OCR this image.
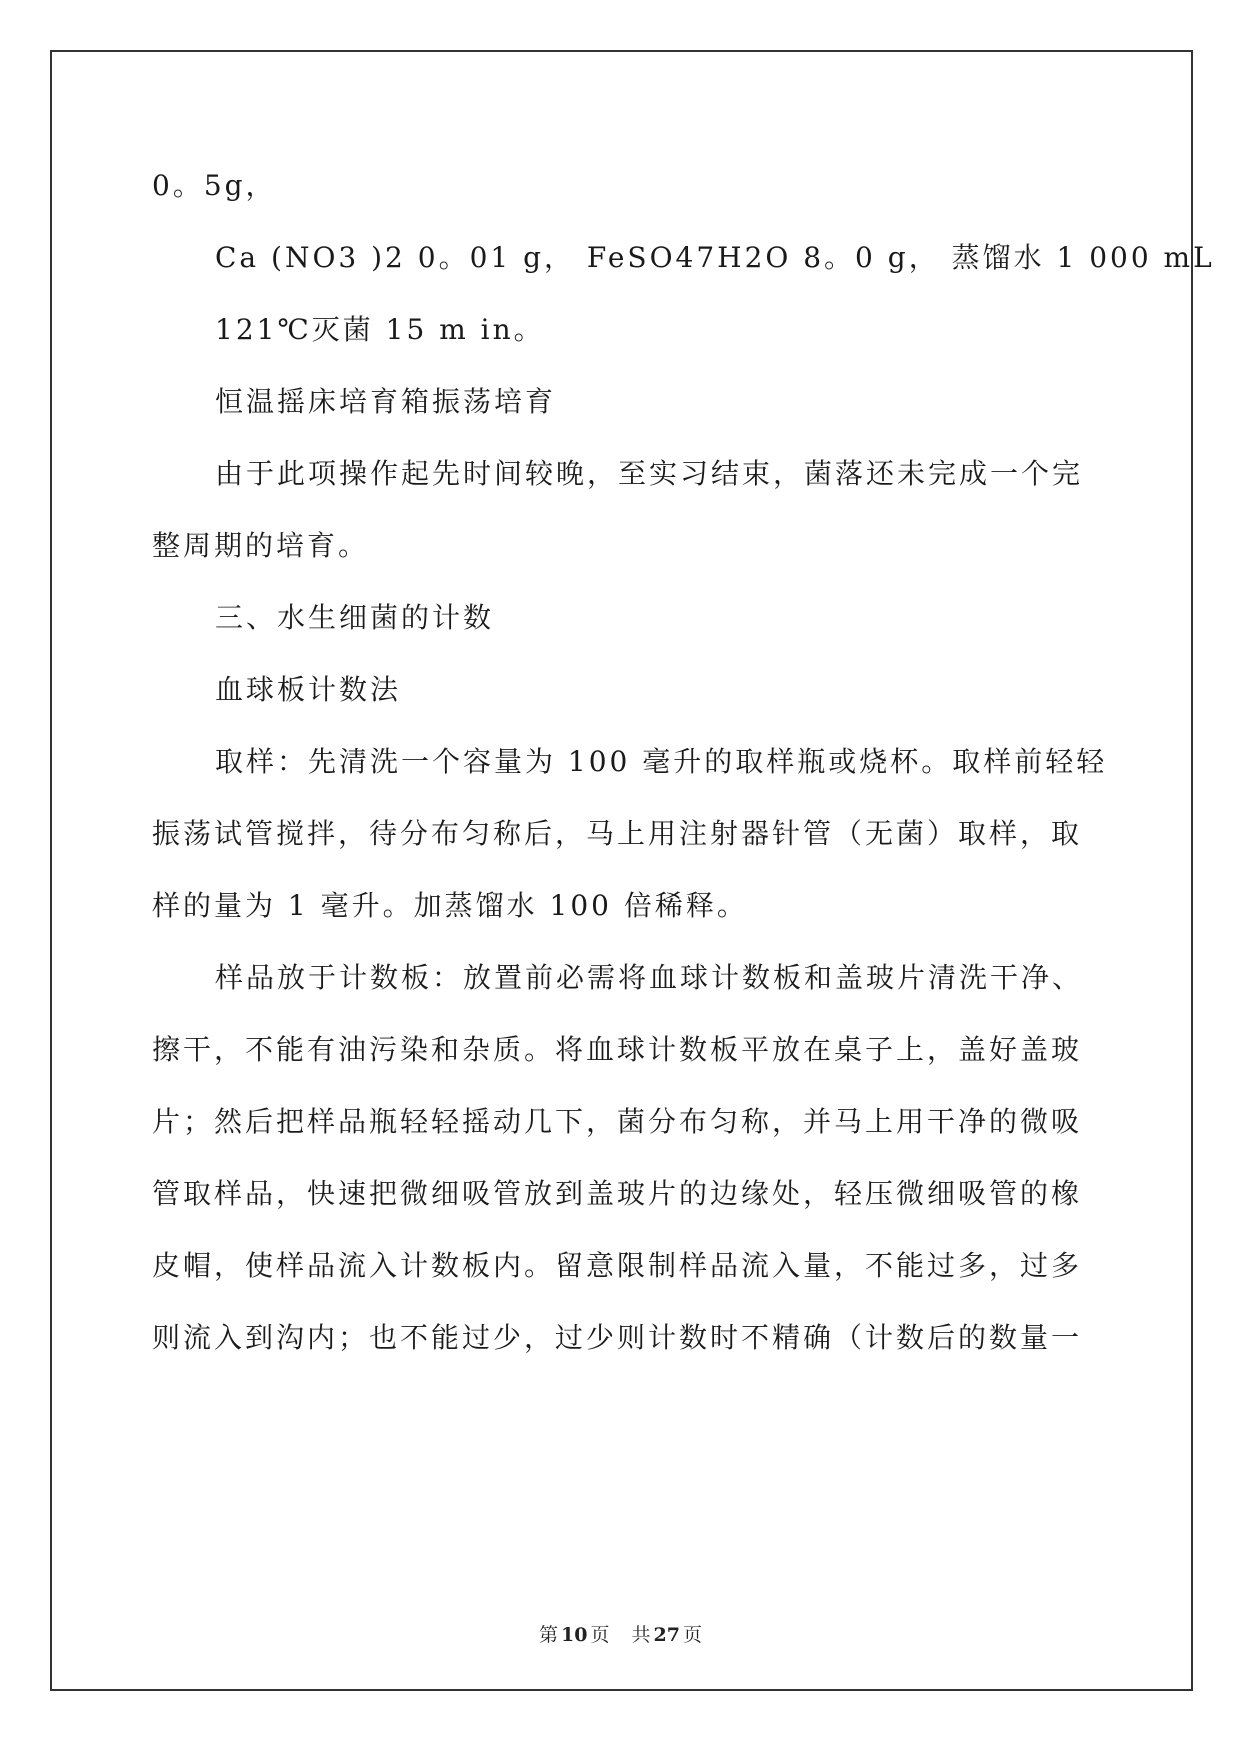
0。5g，
Ca (NO3 )2 0。01 g， FeSO47H2O 8。0 g， 蒸馏水 1 000 mL
121℃灭菌 15 m in。
恒温摇床培育箱振荡培育
由于此项操作起先时间较晚，至实习结束，菌落还未完成一个完
整周期的培育。
三、水生细菌的计数
血球板计数法
取样：先清洗一个容量为 100 毫升的取样瓶或烧杯。取样前轻轻
振荡试管搅拌，待分布匀称后，马上用注射器针管（无菌）取样，取
样的量为 1 毫升。加蒸馏水 100 倍稀释。
样品放于计数板：放置前必需将血球计数板和盖玻片清洗干净、
擦干，不能有油污染和杂质。将血球计数板平放在桌子上，盖好盖玻
片；然后把样品瓶轻轻摇动几下，菌分布匀称，并马上用干净的微吸
管取样品，快速把微细吸管放到盖玻片的边缘处，轻压微细吸管的橡
皮帽，使样品流入计数板内。留意限制样品流入量，不能过多，过多
则流入到沟内；也不能过少，过少则计数时不精确（计数后的数量一
第 10 页 共 27 页
